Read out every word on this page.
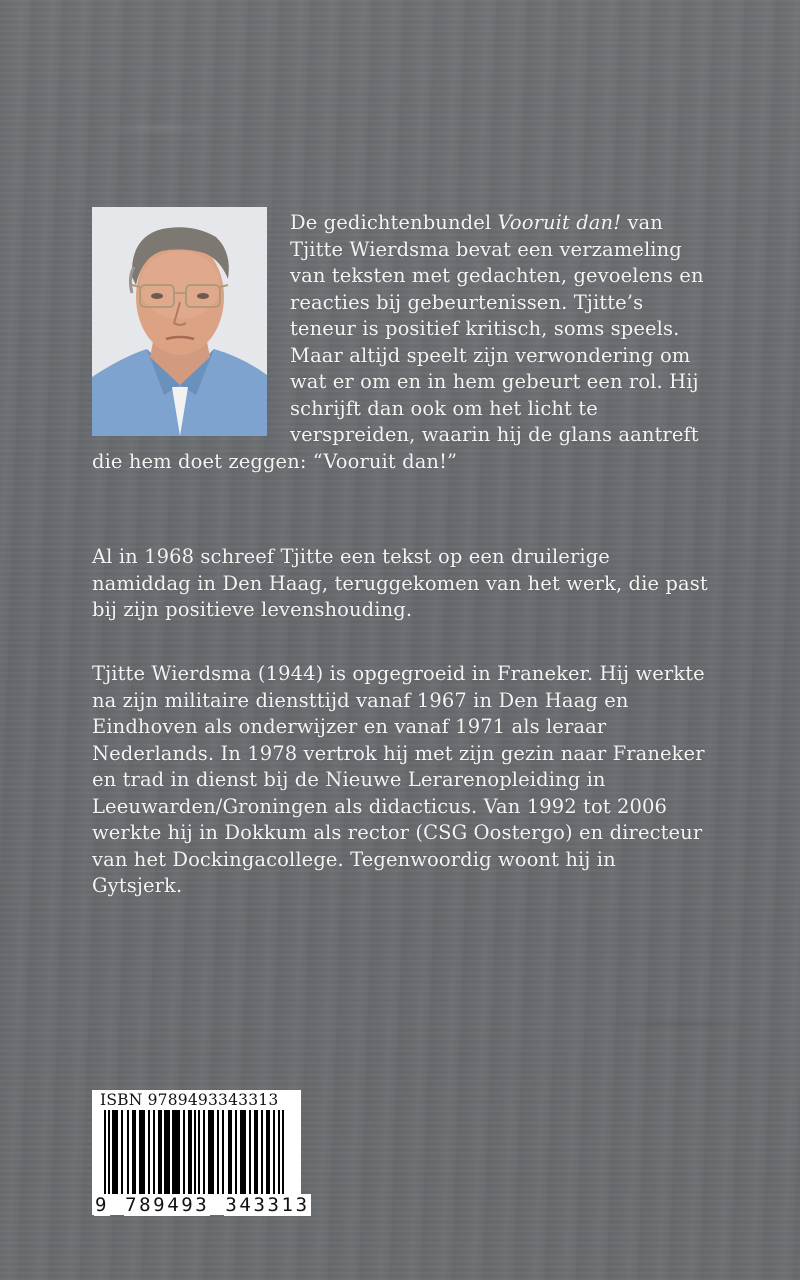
De gedichtenbundel Vooruit dan! van Tjitte Wierdsma bevat een verzameling van teksten met gedachten, gevoelens en reacties bij gebeurtenissen. Tjitte’s teneur is positief kritisch, soms speels. Maar altijd speelt zijn verwondering om wat er om en in hem gebeurt een rol. Hij schrijft dan ook om het licht te verspreiden, waarin hij de glans aantreft die hem doet zeggen: “Vooruit dan!”

Al in 1968 schreef Tjitte een tekst op een druilerige namiddag in Den Haag, teruggekomen van het werk, die past bij zijn positieve levenshouding.

Tjitte Wierdsma (1944) is opgegroeid in Franeker. Hij werkte na zijn militaire diensttijd vanaf 1967 in Den Haag en Eindhoven als onderwijzer en vanaf 1971 als leraar Nederlands. In 1978 vertrok hij met zijn gezin naar Franeker en trad in dienst bij de Nieuwe Lerarenopleiding in Leeuwarden/Groningen als didacticus. Van 1992 tot 2006 werkte hij in Dokkum als rector (CSG Oostergo) en directeur van het Dockingacollege. Tegenwoordig woont hij in Gytsjerk.

ISBN 9789493343313
9 789493 343313
